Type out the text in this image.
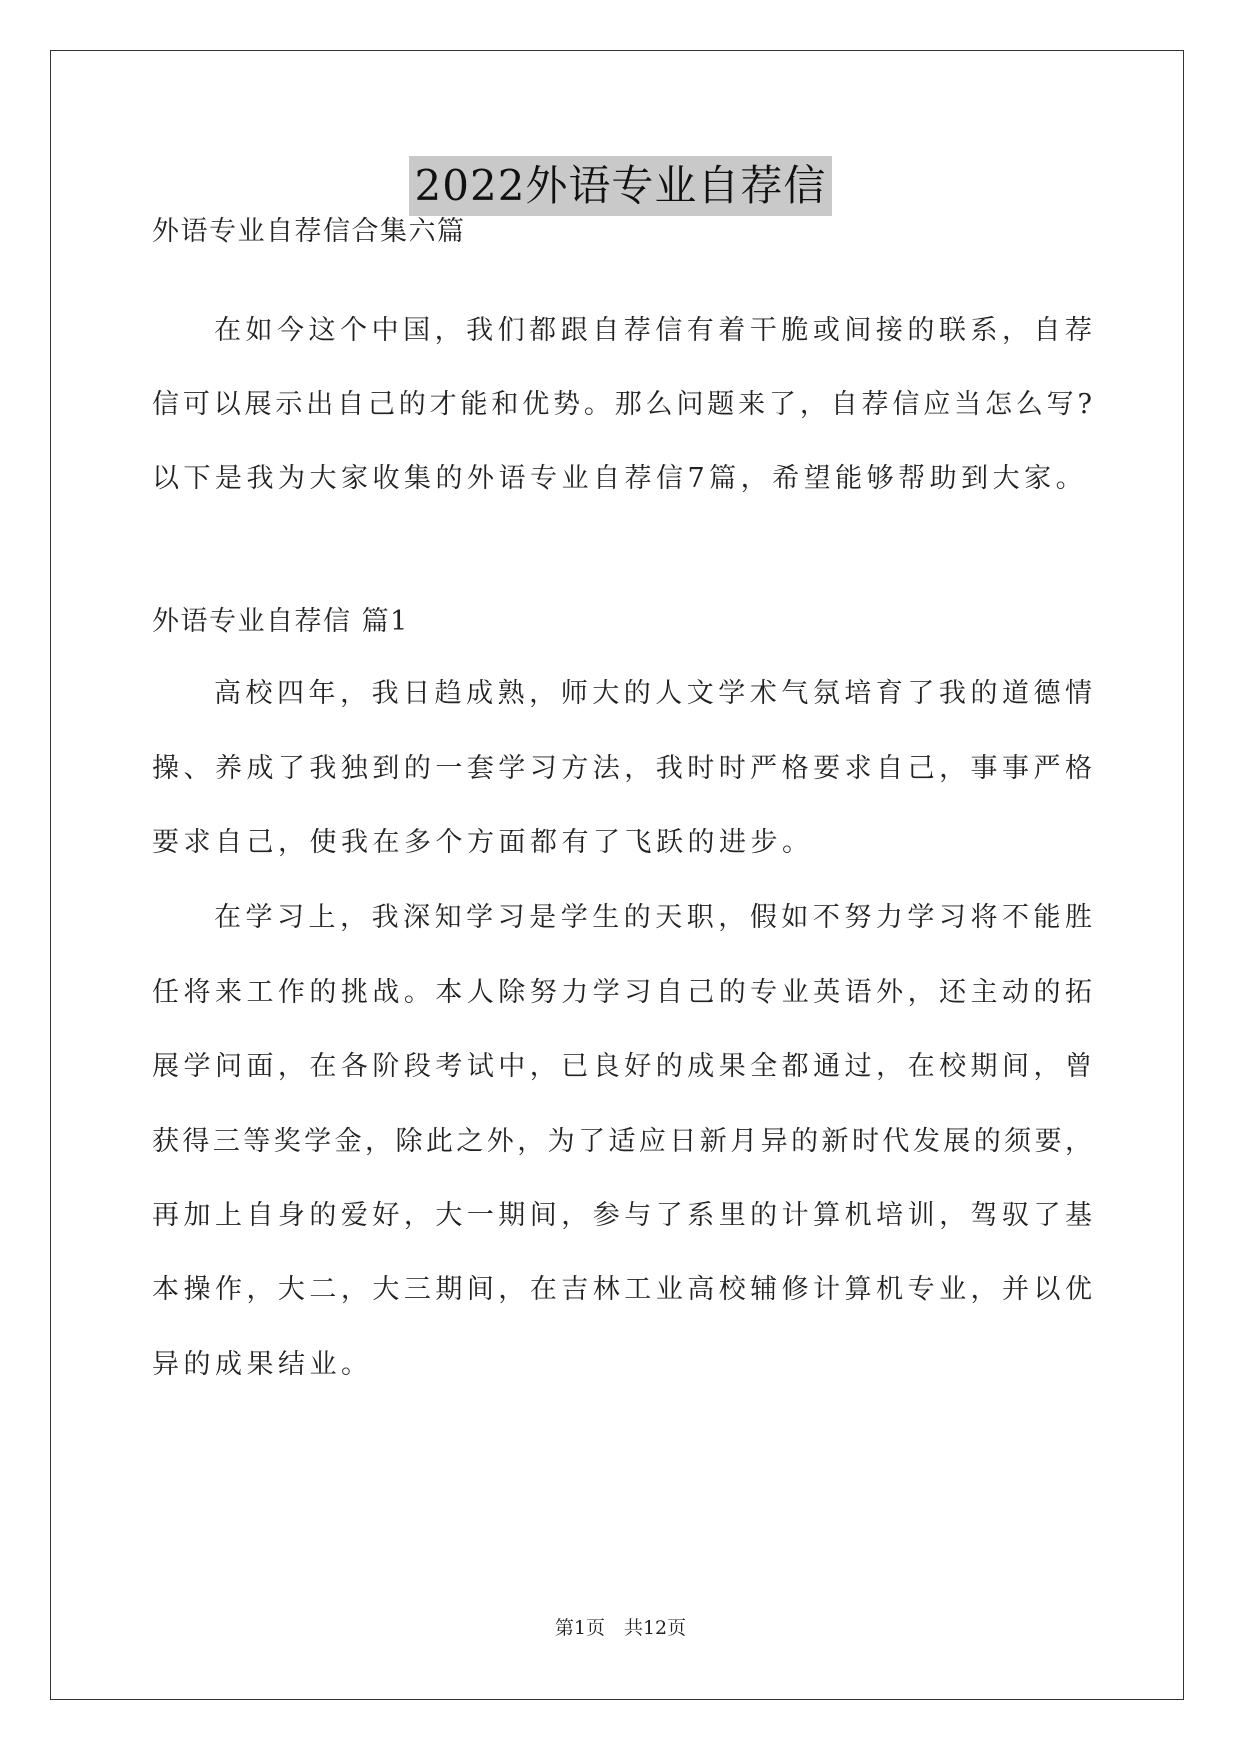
2022外语专业自荐信
外语专业自荐信合集六篇
在如今这个中国，我们都跟自荐信有着干脆或间接的联系，自荐
信可以展示出自己的才能和优势。那么问题来了，自荐信应当怎么写?
以下是我为大家收集的外语专业自荐信7篇，希望能够帮助到大家。
外语专业自荐信 篇1
高校四年，我日趋成熟，师大的人文学术气氛培育了我的道德情
操、养成了我独到的一套学习方法，我时时严格要求自己，事事严格
要求自己，使我在多个方面都有了飞跃的进步。
在学习上，我深知学习是学生的天职，假如不努力学习将不能胜
任将来工作的挑战。本人除努力学习自己的专业英语外，还主动的拓
展学问面，在各阶段考试中，已良好的成果全都通过，在校期间，曾
获得三等奖学金，除此之外，为了适应日新月异的新时代发展的须要，
再加上自身的爱好，大一期间，参与了系里的计算机培训，驾驭了基
本操作，大二，大三期间，在吉林工业高校辅修计算机专业，并以优
异的成果结业。
第1页　共12页
